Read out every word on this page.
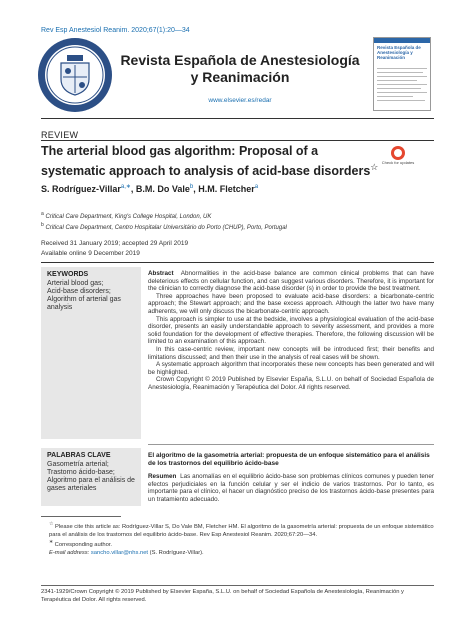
Rev Esp Anestesiol Reanim. 2020;67(1):20—34
Revista Española de Anestesiología
y Reanimación
www.elsevier.es/redar
Revista Española de Anestesiología y Reanimación
REVIEW
The arterial blood gas algorithm: Proposal of a systematic approach to analysis of acid-base disorders☆ Check for updates
S. Rodríguez-Villar$^{a,∗}$, B.M. Do Vale$^b$, H.M. Fletcher$^a$
$^a$ Critical Care Department, King's College Hospital, London, UK
$^b$ Critical Care Department, Centro Hospitalar Universitário do Porto (CHUP), Porto, Portugal
Received 31 January 2019; accepted 29 April 2019
Available online 9 December 2019
KEYWORDS
Arterial blood gas;
Acid-base disorders;
Algorithm of arterial gas analysis

Abstract Abnormalities in the acid-base balance are common clinical problems that can have deleterious effects on cellular function, and can suggest various disorders. Therefore, it is important for the clinician to correctly diagnose the acid-base disorder (s) in order to provide the best treatment.

Three approaches have been proposed to evaluate acid-base disorders: a bicarbonate-centric approach; the Stewart approach; and the base excess approach. Although the latter two have many adherents, we will only discuss the bicarbonate-centric approach.

This approach is simpler to use at the bedside, involves a physiological evaluation of the acid-base disorder, presents an easily understandable approach to severity assessment, and provides a more solid foundation for the development of effective therapies. Therefore, the following discussion will be limited to an examination of this approach.

In this case-centric review, important new concepts will be introduced first; their benefits and limitations discussed; and then their use in the analysis of real cases will be shown.

A systematic approach algorithm that incorporates these new concepts has been generated and will be highlighted.

Crown Copyright © 2019 Published by Elsevier España, S.L.U. on behalf of Sociedad Española de Anestesiología, Reanimación y Terapéutica del Dolor. All rights reserved.

PALABRAS CLAVE
Gasometría arterial;
Trastorno ácido-base;
Algoritmo para el análisis de gases arteriales
El algoritmo de la gasometría arterial: propuesta de un enfoque sistemático para el análisis de los trastornos del equilibrio ácido-base

Resumen Las anomalías en el equilibrio ácido-base son problemas clínicos comunes y pueden tener efectos perjudiciales en la función celular y ser el indicio de varios trastornos. Por lo tanto, es importante para el clínico, el hacer un diagnóstico preciso de los trastornos ácido-base presentes para un tratamiento adecuado.

☆ Please cite this article as: Rodríguez-Villar S, Do Vale BM, Fletcher HM. El algoritmo de la gasometría arterial: propuesta de un enfoque sistemático para el análisis de los trastornos del equilibrio ácido-base. Rev Esp Anestesiol Reanim. 2020;67:20—34.
∗ Corresponding author.
E-mail address: sancho.villar@nhs.net (S. Rodríguez-Villar).
2341-1929/Crown Copyright © 2019 Published by Elsevier España, S.L.U. on behalf of Sociedad Española de Anestesiología, Reanimación y Terapéutica del Dolor. All rights reserved.
